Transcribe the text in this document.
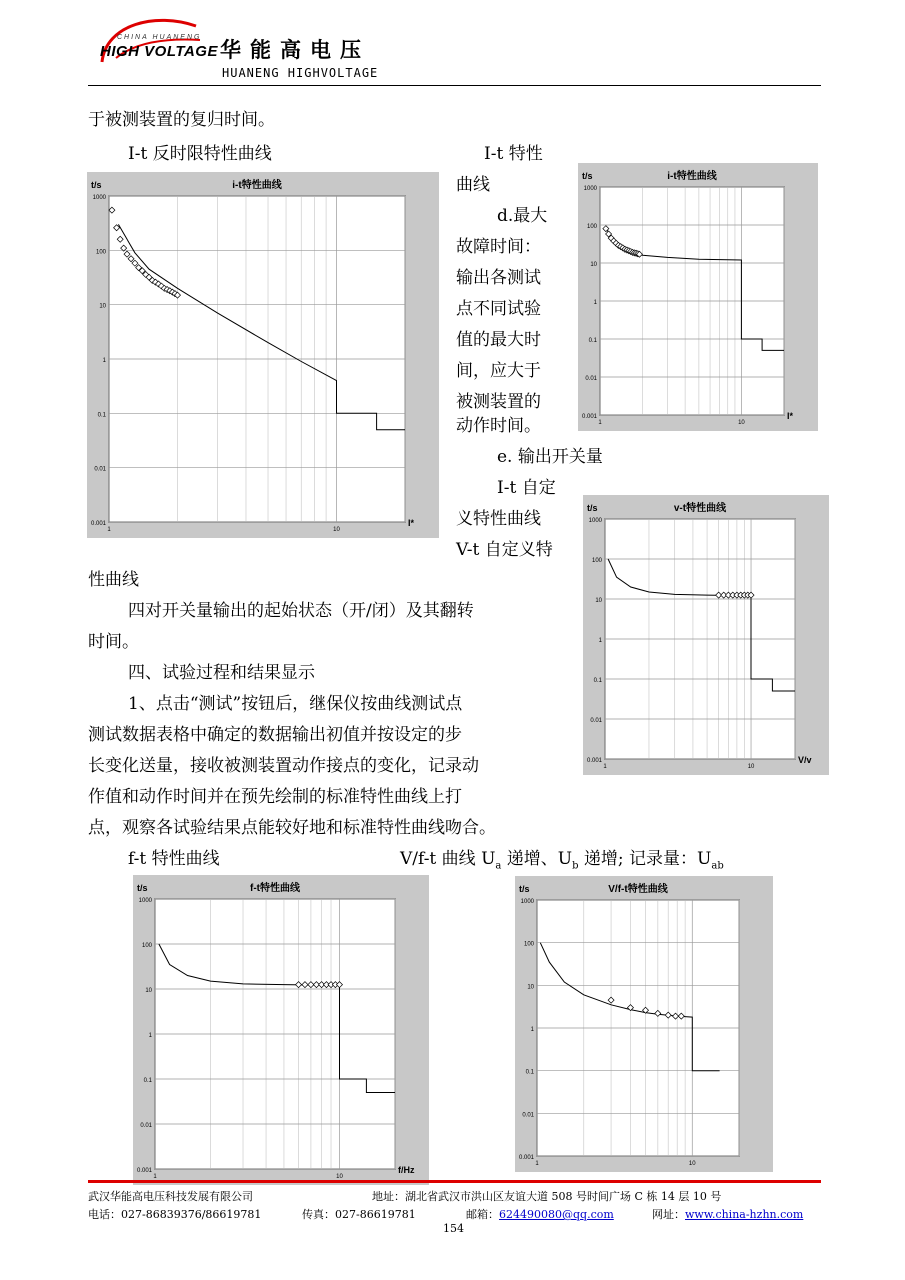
CHINA HUANENG
HIGH VOLTAGE 华能高电压
HUANENG HIGHVOLTAGE
于被测装置的复归时间。
I-t 反时限特性曲线	I-t 特性
曲线
d.最大
故障时间：
输出各测试
点不同试验
值的最大时
间，应大于
被测装置的
动作时间。
e. 输出开关量
I-t 自定
义特性曲线
V-t 自定义特
性曲线
四对开关量输出的起始状态（开/闭）及其翻转
时间。
四、试验过程和结果显示
1、点击“测试”按钮后，继保仪按曲线测试点
测试数据表格中确定的数据输出初值并按设定的步
长变化送量，接收被测装置动作接点的变化，记录动
作值和动作时间并在预先绘制的标准特性曲线上打
点，观察各试验结果点能较好地和标准特性曲线吻合。
f-t 特性曲线	V/f-t 曲线 $U_a$ 递增、$U_b$ 递增; 记录量：$U_{ab}$
0.001
0.01
0.1
1
10
100
1000
1	10
i-t特性曲线
t/s
I*
0.001
0.01
0.1
1
10
100
1000
1	10
i-t特性曲线
t/s
I*
0.001
0.01
0.1
1
10
100
1000
1	10
v-t特性曲线
t/s
V/v
0.001
0.01
0.1
1
10
100
1000
1	10
f-t特性曲线
t/s
f/Hz
0.001
0.01
0.1
1
10
100
1000
1	10
V/f-t特性曲线
t/s
武汉华能高电压科技发展有限公司	地址：湖北省武汉市洪山区友谊大道 508 号时间广场 C 栋 14 层 10 号
电话：027-86839376/86619781	传真：027-86619781	邮箱：624490080@qq.com	网址：www.china-hzhn.com
154
